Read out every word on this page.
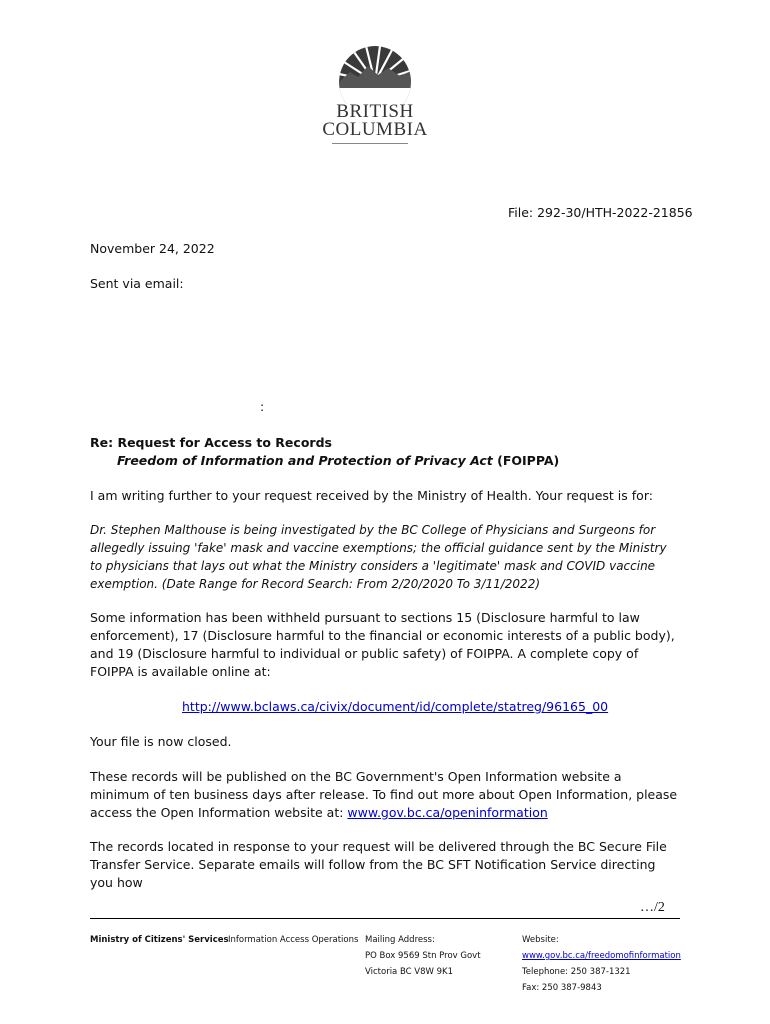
BRITISH
COLUMBIA
File: 292-30/HTH-2022-21856
November 24, 2022
Sent via email:
:
Re: Request for Access to Records
Freedom of Information and Protection of Privacy Act (FOIPPA)
I am writing further to your request received by the Ministry of Health. Your request is for:
Dr. Stephen Malthouse is being investigated by the BC College of Physicians and Surgeons for allegedly issuing 'fake' mask and vaccine exemptions; the official guidance sent by the Ministry to physicians that lays out what the Ministry considers a 'legitimate' mask and COVID vaccine exemption. (Date Range for Record Search: From 2/20/2020 To 3/11/2022)
Some information has been withheld pursuant to sections 15 (Disclosure harmful to law enforcement), 17 (Disclosure harmful to the financial or economic interests of a public body), and 19 (Disclosure harmful to individual or public safety) of FOIPPA. A complete copy of FOIPPA is available online at:
http://www.bclaws.ca/civix/document/id/complete/statreg/96165_00
Your file is now closed.
These records will be published on the BC Government's Open Information website a minimum of ten business days after release. To find out more about Open Information, please access the Open Information website at: www.gov.bc.ca/openinformation
The records located in response to your request will be delivered through the BC Secure File Transfer Service. Separate emails will follow from the BC SFT Notification Service directing you how
…/2
Ministry of Citizens' Services Information Access Operations Mailing Address:
PO Box 9569 Stn Prov Govt
Victoria BC V8W 9K1
Website:
www.gov.bc.ca/freedomofinformation
Telephone: 250 387-1321
Fax: 250 387-9843
